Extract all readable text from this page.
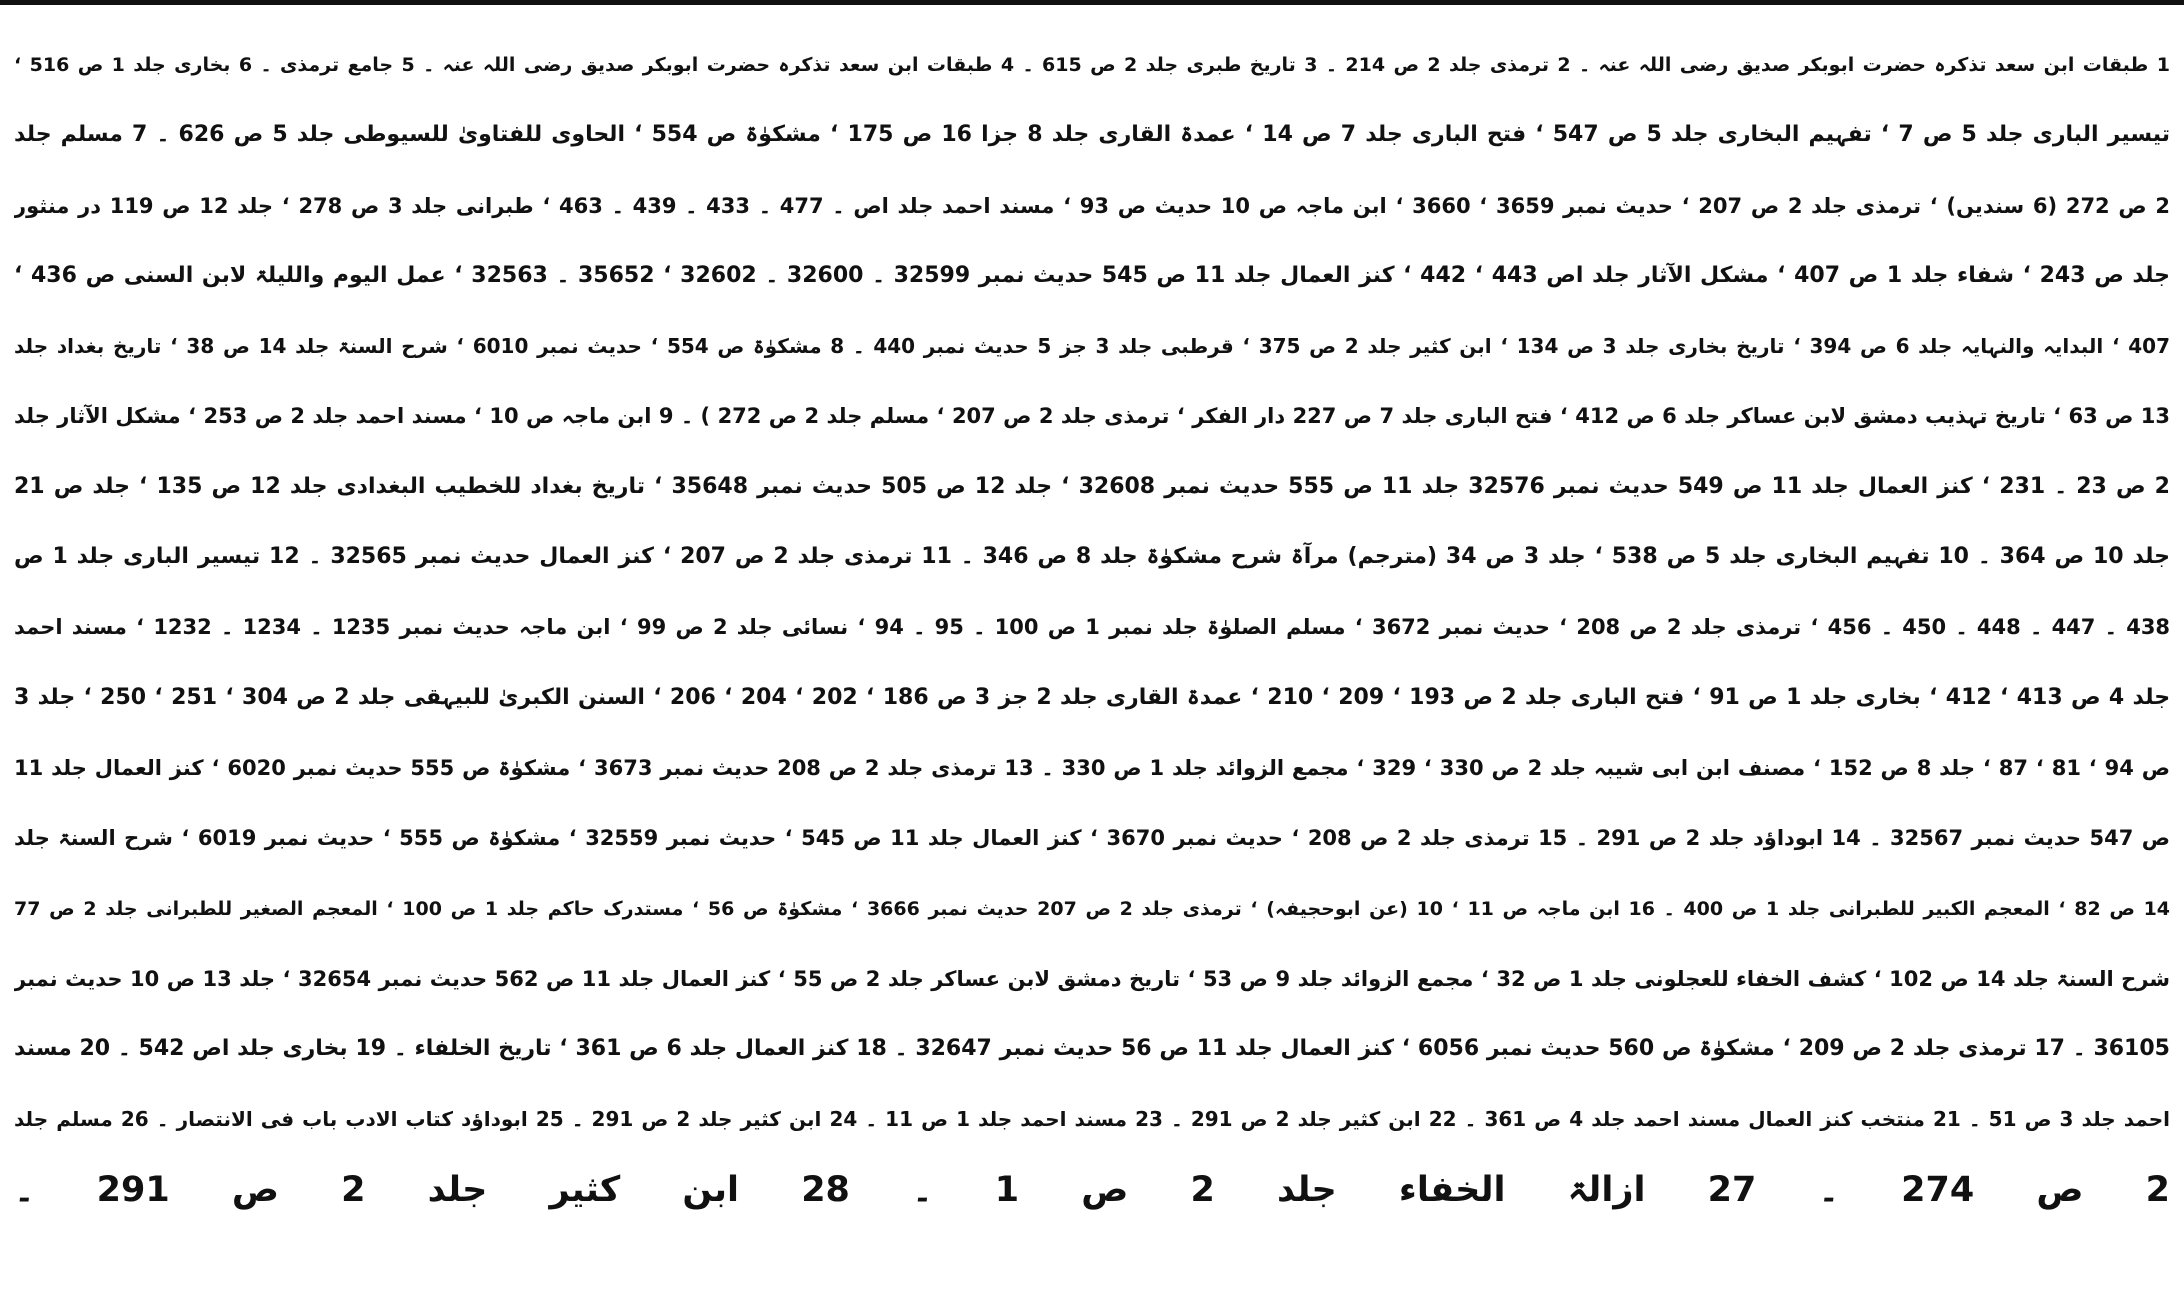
1 طبقات ابن سعد تذکرہ حضرت ابوبکر صدیق رضی اللہ عنہ ۔ 2 ترمذی جلد 2 ص 214 ۔ 3 تاریخ طبری جلد 2 ص 615 ۔ 4 طبقات ابن سعد تذکرہ حضرت ابوبکر صدیق رضی اللہ عنہ ۔ 5 جامع ترمذی ۔ 6 بخاری جلد 1 ص 516 ‘
تیسیر الباری جلد 5 ص 7 ‘ تفہیم البخاری جلد 5 ص 547 ‘ فتح الباری جلد 7 ص 14 ‘ عمدۃ القاری جلد 8 جزا 16 ص 175 ‘ مشکوٰۃ ص 554 ‘ الحاوی للفتاویٰ للسیوطی جلد 5 ص 626 ۔ 7 مسلم جلد
2 ص 272 (6 سندیں) ‘ ترمذی جلد 2 ص 207 ‘ حدیث نمبر 3659 ‘ 3660 ‘ ابن ماجہ ص 10 حدیث ص 93 ‘ مسند احمد جلد اص ۔ 477 ۔ 433 ۔ 439 ۔ 463 ‘ طبرانی جلد 3 ص 278 ‘ جلد 12 ص 119 در منثور
جلد ص 243 ‘ شفاء جلد 1 ص 407 ‘ مشکل الآثار جلد اص 443 ‘ 442 ‘ کنز العمال جلد 11 ص 545 حدیث نمبر 32599 ۔ 32600 ۔ 32602 ‘ 35652 ۔ 32563 ‘ عمل الیوم واللیلۃ لابن السنی ص 436 ‘
407 ‘ البدایہ والنہایہ جلد 6 ص 394 ‘ تاریخ بخاری جلد 3 ص 134 ‘ ابن کثیر جلد 2 ص 375 ‘ قرطبی جلد 3 جز 5 حدیث نمبر 440 ۔ 8 مشکوٰۃ ص 554 ‘ حدیث نمبر 6010 ‘ شرح السنۃ جلد 14 ص 38 ‘ تاریخ بغداد جلد
13 ص 63 ‘ تاریخ تہذیب دمشق لابن عساکر جلد 6 ص 412 ‘ فتح الباری جلد 7 ص 227 دار الفکر ‘ ترمذی جلد 2 ص 207 ‘ مسلم جلد 2 ص 272 ) ۔ 9 ابن ماجہ ص 10 ‘ مسند احمد جلد 2 ص 253 ‘ مشکل الآثار جلد
2 ص 23 ۔ 231 ‘ کنز العمال جلد 11 ص 549 حدیث نمبر 32576 جلد 11 ص 555 حدیث نمبر 32608 ‘ جلد 12 ص 505 حدیث نمبر 35648 ‘ تاریخ بغداد للخطیب البغدادی جلد 12 ص 135 ‘ جلد ص 21
جلد 10 ص 364 ۔ 10 تفہیم البخاری جلد 5 ص 538 ‘ جلد 3 ص 34 (مترجم) مرآۃ شرح مشکوٰۃ جلد 8 ص 346 ۔ 11 ترمذی جلد 2 ص 207 ‘ کنز العمال حدیث نمبر 32565 ۔ 12 تیسیر الباری جلد 1 ص
438 ۔ 447 ۔ 448 ۔ 450 ۔ 456 ‘ ترمذی جلد 2 ص 208 ‘ حدیث نمبر 3672 ‘ مسلم الصلوٰۃ جلد نمبر 1 ص 100 ۔ 95 ۔ 94 ‘ نسائی جلد 2 ص 99 ‘ ابن ماجہ حدیث نمبر 1235 ۔ 1234 ۔ 1232 ‘ مسند احمد
جلد 4 ص 413 ‘ 412 ‘ بخاری جلد 1 ص 91 ‘ فتح الباری جلد 2 ص 193 ‘ 209 ‘ 210 ‘ عمدۃ القاری جلد 2 جز 3 ص 186 ‘ 202 ‘ 204 ‘ 206 ‘ السنن الکبریٰ للبیہقی جلد 2 ص 304 ‘ 251 ‘ 250 ‘ جلد 3
ص 94 ‘ 81 ‘ 87 ‘ جلد 8 ص 152 ‘ مصنف ابن ابی شیبہ جلد 2 ص 330 ‘ 329 ‘ مجمع الزوائد جلد 1 ص 330 ۔ 13 ترمذی جلد 2 ص 208 حدیث نمبر 3673 ‘ مشکوٰۃ ص 555 حدیث نمبر 6020 ‘ کنز العمال جلد 11
ص 547 حدیث نمبر 32567 ۔ 14 ابوداؤد جلد 2 ص 291 ۔ 15 ترمذی جلد 2 ص 208 ‘ حدیث نمبر 3670 ‘ کنز العمال جلد 11 ص 545 ‘ حدیث نمبر 32559 ‘ مشکوٰۃ ص 555 ‘ حدیث نمبر 6019 ‘ شرح السنۃ جلد
14 ص 82 ‘ المعجم الکبیر للطبرانی جلد 1 ص 400 ۔ 16 ابن ماجہ ص 11 ‘ 10 (عن ابوحجیفہ) ‘ ترمذی جلد 2 ص 207 حدیث نمبر 3666 ‘ مشکوٰۃ ص 56 ‘ مستدرک حاکم جلد 1 ص 100 ‘ المعجم الصغیر للطبرانی جلد 2 ص 77
شرح السنۃ جلد 14 ص 102 ‘ کشف الخفاء للعجلونی جلد 1 ص 32 ‘ مجمع الزوائد جلد 9 ص 53 ‘ تاریخ دمشق لابن عساکر جلد 2 ص 55 ‘ کنز العمال جلد 11 ص 562 حدیث نمبر 32654 ‘ جلد 13 ص 10 حدیث نمبر
36105 ۔ 17 ترمذی جلد 2 ص 209 ‘ مشکوٰۃ ص 560 حدیث نمبر 6056 ‘ کنز العمال جلد 11 ص 56 حدیث نمبر 32647 ۔ 18 کنز العمال جلد 6 ص 361 ‘ تاریخ الخلفاء ۔ 19 بخاری جلد اص 542 ۔ 20 مسند
احمد جلد 3 ص 51 ۔ 21 منتخب کنز العمال مسند احمد جلد 4 ص 361 ۔ 22 ابن کثیر جلد 2 ص 291 ۔ 23 مسند احمد جلد 1 ص 11 ۔ 24 ابن کثیر جلد 2 ص 291 ۔ 25 ابوداؤد کتاب الادب باب فی الانتصار ۔ 26 مسلم جلد
2 ص 274 ۔ 27 ازالۃ الخفاء جلد 2 ص 1 ۔ 28 ابن کثیر جلد 2 ص 291 ۔
